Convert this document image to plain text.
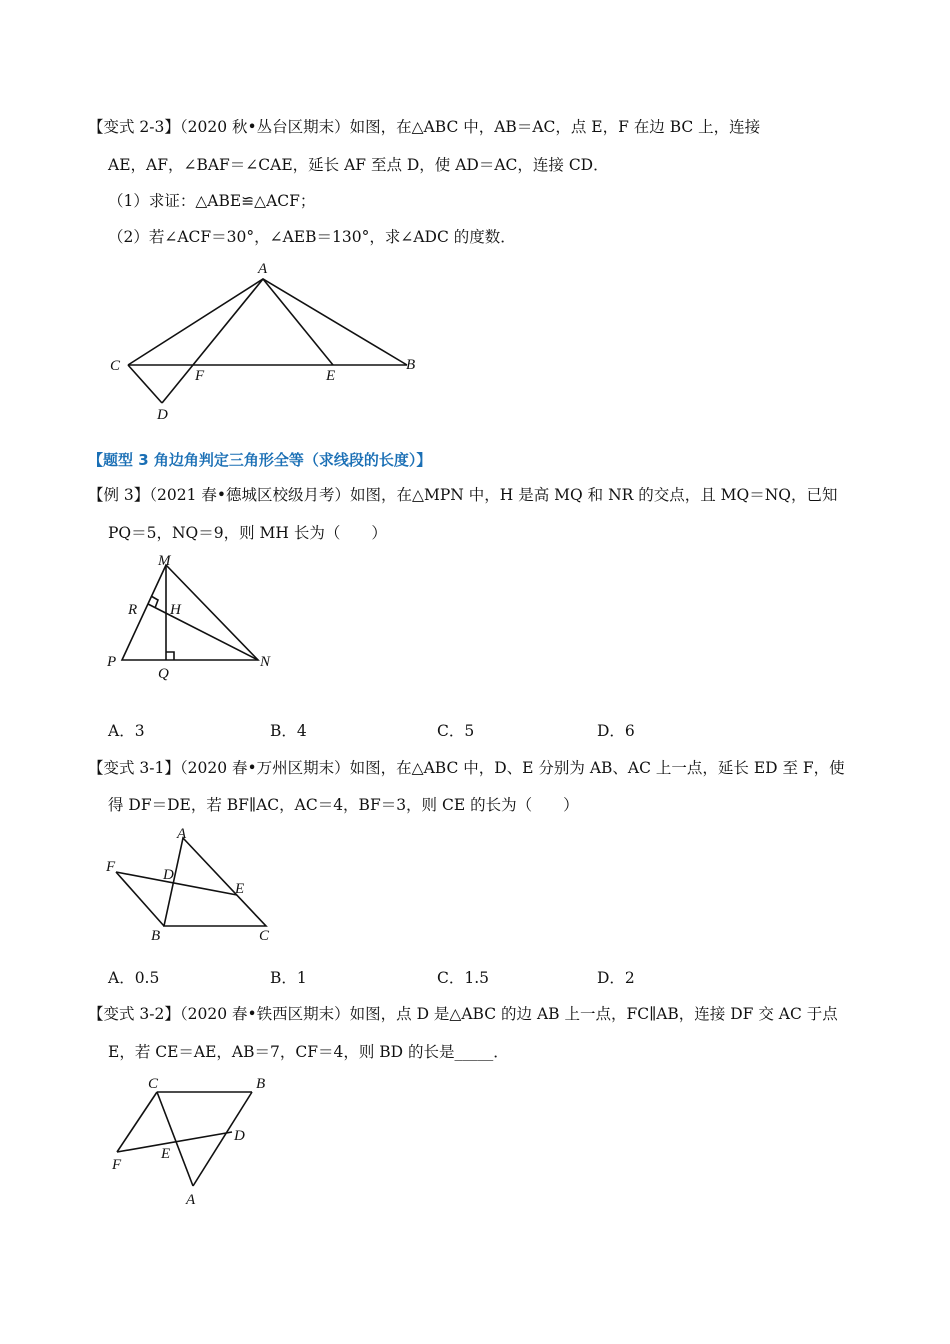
【变式 2-3】（2020 秋•丛台区期末）如图，在△ABC 中，AB＝AC，点 E，F 在边 BC 上，连接
AE，AF，∠BAF＝∠CAE，延长 AF 至点 D，使 AD＝AC，连接 CD．
（1）求证：△ABE≌△ACF；
（2）若∠ACF＝30°，∠AEB＝130°，求∠ADC 的度数．
A
C
F	E
B
D
【题型 3 角边角判定三角形全等（求线段的长度）】
【例 3】（2021 春•德城区校级月考）如图，在△MPN 中，H 是高 MQ 和 NR 的交点，且 MQ＝NQ，已知
PQ＝5，NQ＝9，则 MH 长为（　　）
M
R H
P
Q
N
A．3	B．4	C．5	D．6
【变式 3-1】（2020 春•万州区期末）如图，在△ABC 中，D、E 分别为 AB、AC 上一点，延长 ED 至 F，使
得 DF＝DE，若 BF∥AC，AC＝4，BF＝3，则 CE 的长为（　　）
A
F	D
E
B	C
A．0.5	B．1	C．1.5	D．2
【变式 3-2】（2020 春•铁西区期末）如图，点 D 是△ABC 的边 AB 上一点，FC∥AB，连接 DF 交 AC 于点
E，若 CE＝AE，AB＝7，CF＝4，则 BD 的长是_____．
C	B
D
E
F
A
